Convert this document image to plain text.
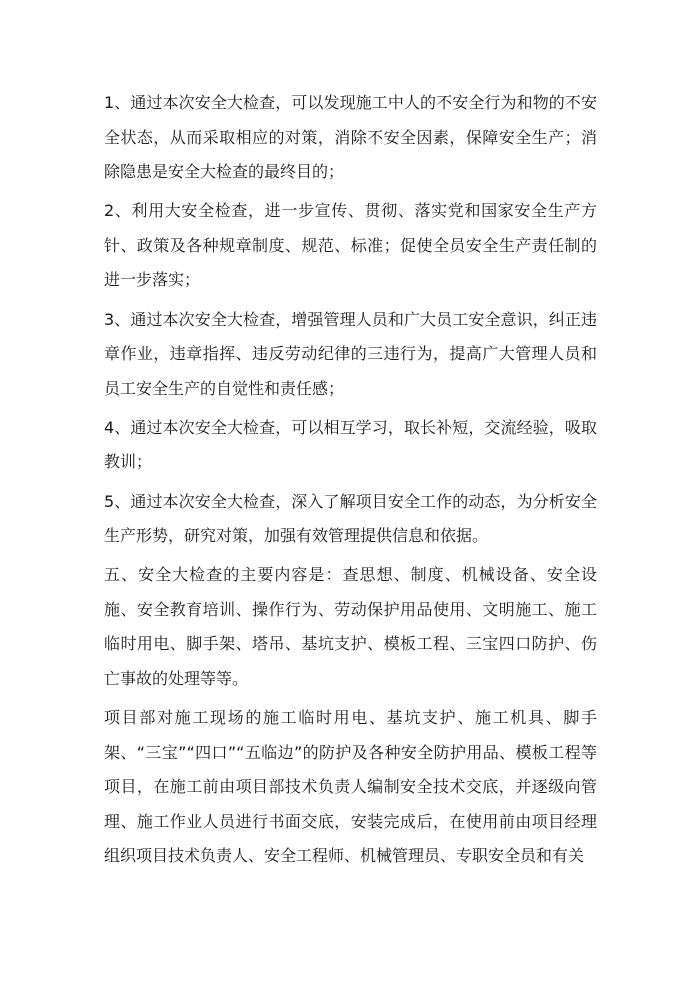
1、通过本次安全大检查，可以发现施工中人的不安全行为和物的不安全状态，从而采取相应的对策，消除不安全因素，保障安全生产；消除隐患是安全大检查的最终目的；

2、利用大安全检查，进一步宣传、贯彻、落实党和国家安全生产方针、政策及各种规章制度、规范、标准；促使全员安全生产责任制的进一步落实；

3、通过本次安全大检查，增强管理人员和广大员工安全意识，纠正违章作业，违章指挥、违反劳动纪律的三违行为，提高广大管理人员和员工安全生产的自觉性和责任感；

4、通过本次安全大检查，可以相互学习，取长补短，交流经验，吸取教训；

5、通过本次安全大检查，深入了解项目安全工作的动态，为分析安全生产形势，研究对策，加强有效管理提供信息和依据。

五、安全大检查的主要内容是：查思想、制度、机械设备、安全设施、安全教育培训、操作行为、劳动保护用品使用、文明施工、施工临时用电、脚手架、塔吊、基坑支护、模板工程、三宝四口防护、伤亡事故的处理等等。

项目部对施工现场的施工临时用电、基坑支护、施工机具、脚手架、“三宝”“四口”“五临边”的防护及各种安全防护用品、模板工程等项目，在施工前由项目部技术负责人编制安全技术交底，并逐级向管理、施工作业人员进行书面交底，安装完成后，在使用前由项目经理组织项目技术负责人、安全工程师、机械管理员、专职安全员和有关
